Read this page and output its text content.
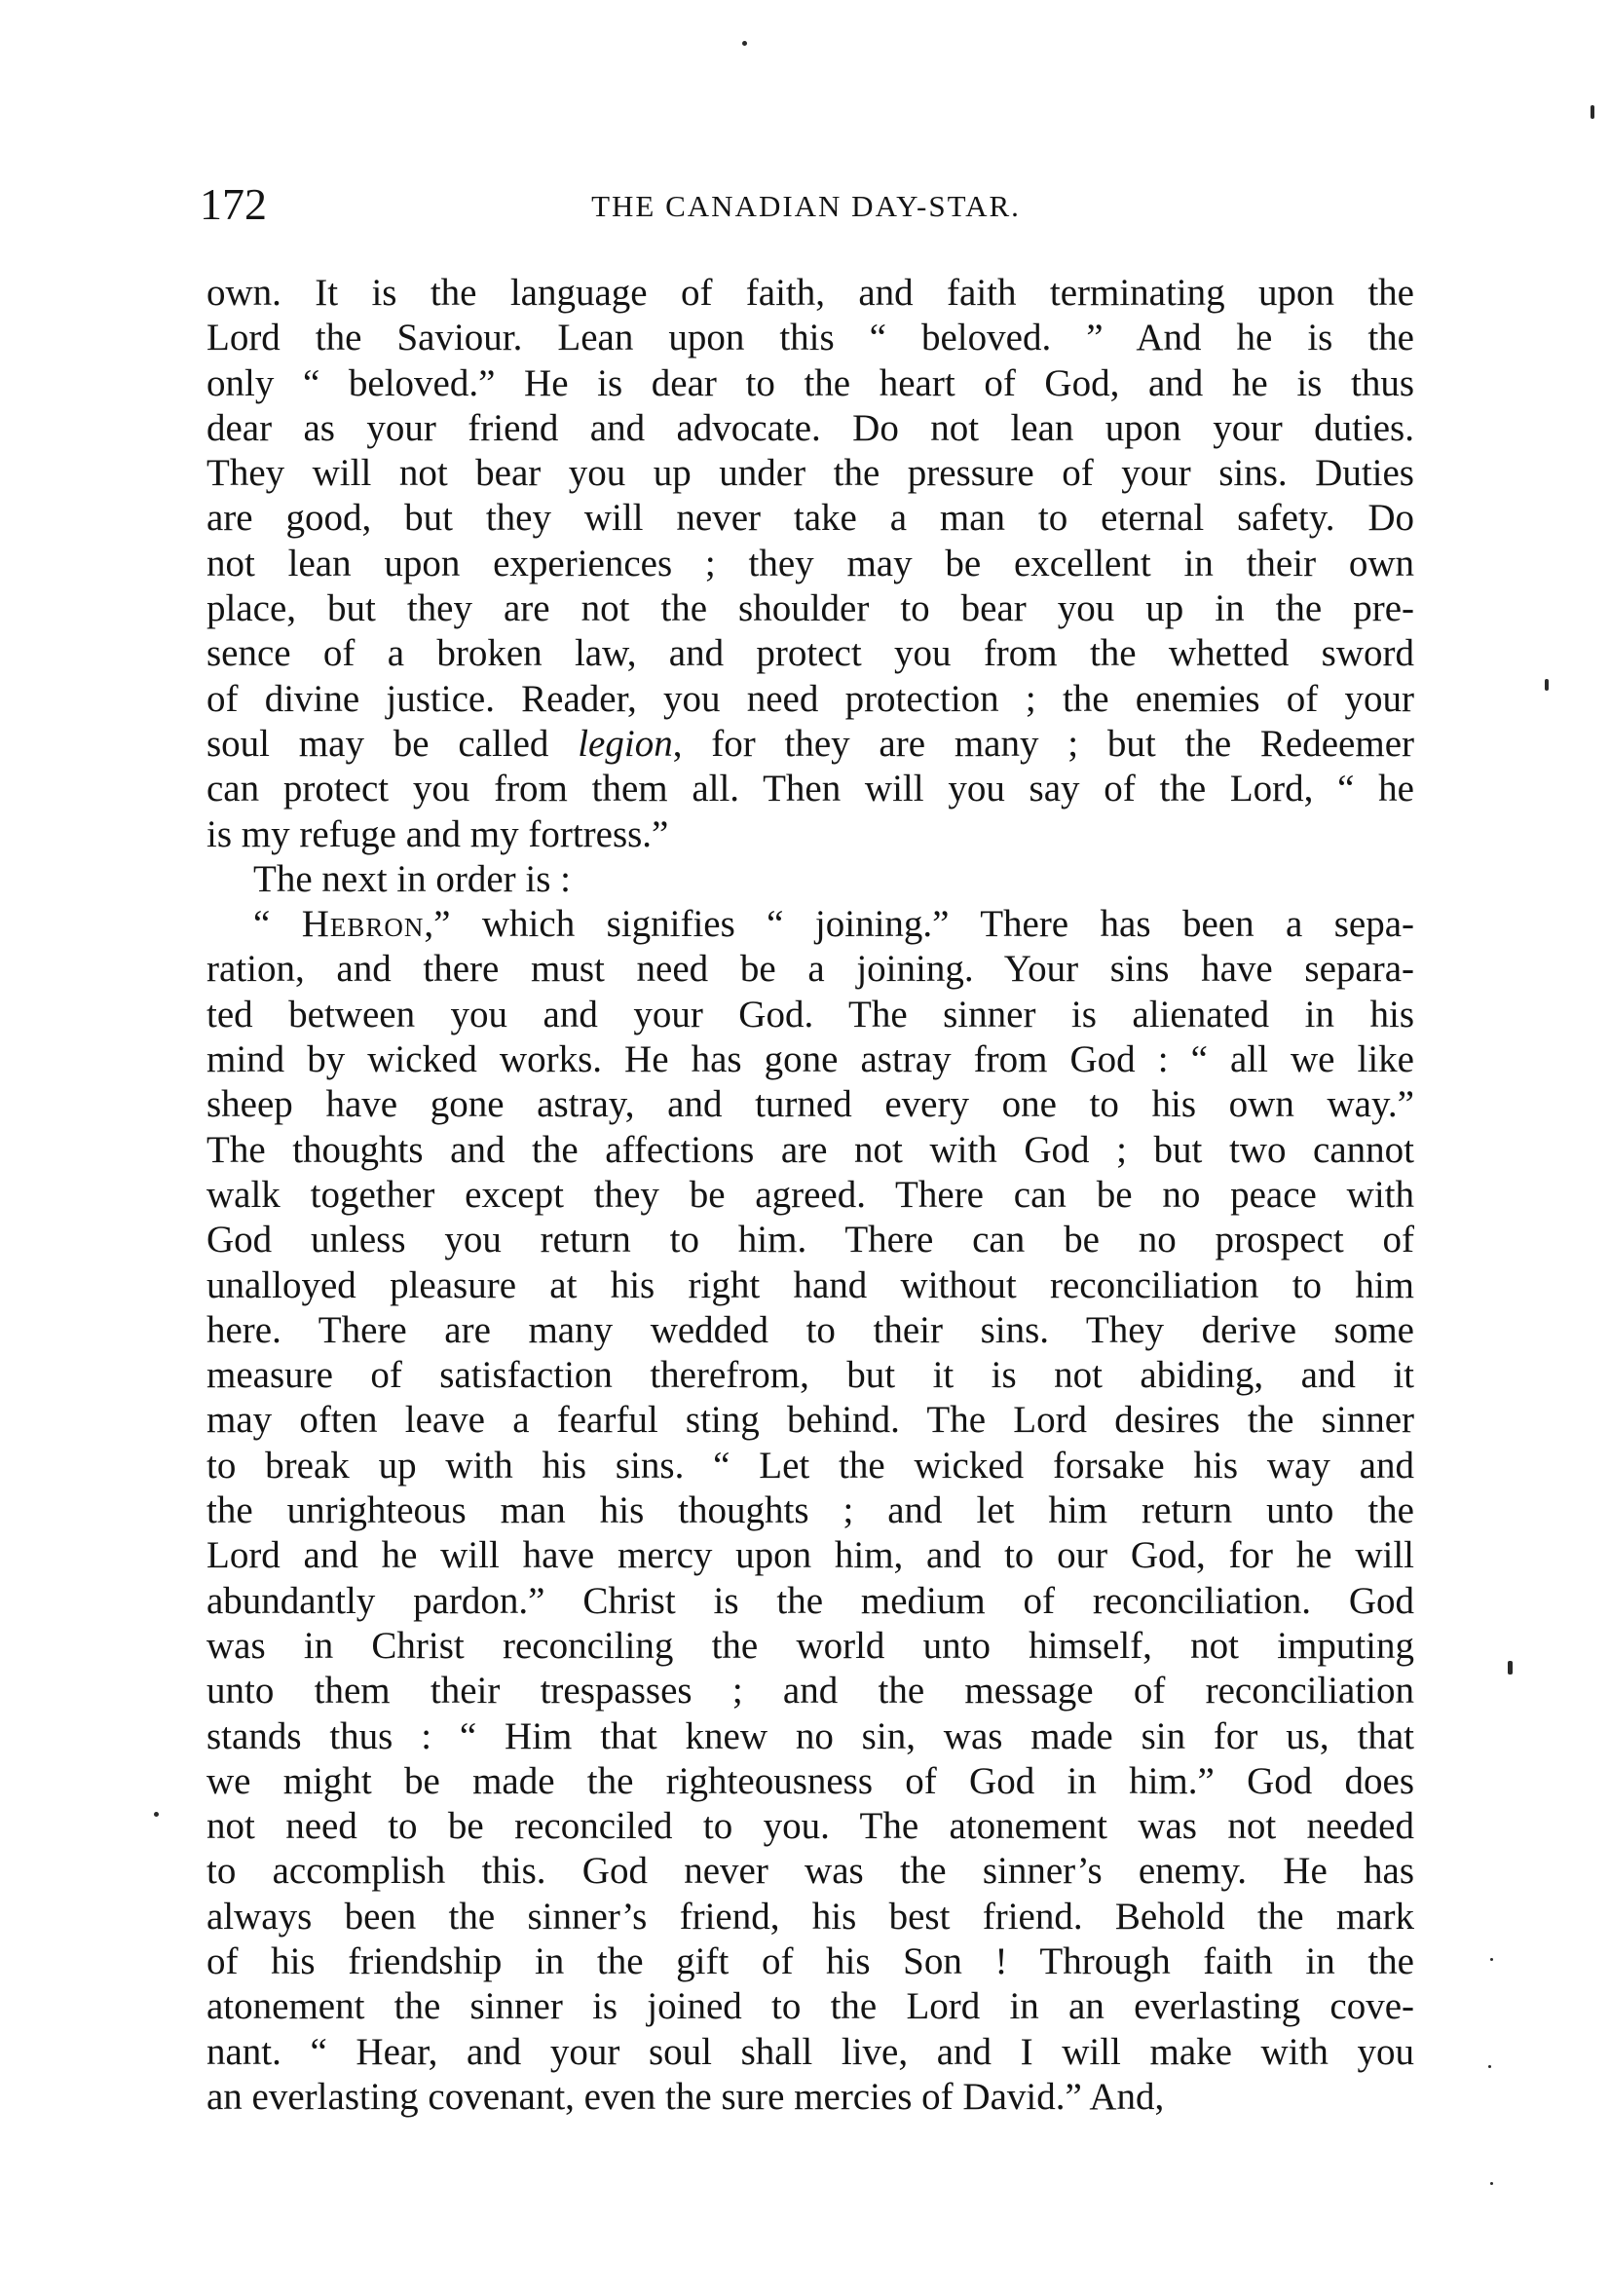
172	THE CANADIAN DAY-STAR.
own. It is the language of faith, and faith terminating upon the
Lord the Saviour. Lean upon this “ beloved. ” And he is the
only “ beloved.” He is dear to the heart of God, and he is thus
dear as your friend and advocate. Do not lean upon your duties.
They will not bear you up under the pressure of your sins. Duties
are good, but they will never take a man to eternal safety. Do
not lean upon experiences ; they may be excellent in their own
place, but they are not the shoulder to bear you up in the pre-
sence of a broken law, and protect you from the whetted sword
of divine justice. Reader, you need protection ; the enemies of your
soul may be called legion, for they are many ; but the Redeemer
can protect you from them all. Then will you say of the Lord, “ he
is my refuge and my fortress.”
The next in order is :
“ Hebron,” which signifies “ joining.” There has been a sepa-
ration, and there must need be a joining. Your sins have separa-
ted between you and your God. The sinner is alienated in his
mind by wicked works. He has gone astray from God : “ all we like
sheep have gone astray, and turned every one to his own way.”
The thoughts and the affections are not with God ; but two cannot
walk together except they be agreed. There can be no peace with
God unless you return to him. There can be no prospect of
unalloyed pleasure at his right hand without reconciliation to him
here. There are many wedded to their sins. They derive some
measure of satisfaction therefrom, but it is not abiding, and it
may often leave a fearful sting behind. The Lord desires the sinner
to break up with his sins. “ Let the wicked forsake his way and
the unrighteous man his thoughts ; and let him return unto the
Lord and he will have mercy upon him, and to our God, for he will
abundantly pardon.” Christ is the medium of reconciliation. God
was in Christ reconciling the world unto himself, not imputing
unto them their trespasses ; and the message of reconciliation
stands thus : “ Him that knew no sin, was made sin for us, that
we might be made the righteousness of God in him.” God does
not need to be reconciled to you. The atonement was not needed
to accomplish this. God never was the sinner’s enemy. He has
always been the sinner’s friend, his best friend. Behold the mark
of his friendship in the gift of his Son ! Through faith in the
atonement the sinner is joined to the Lord in an everlasting cove-
nant. “ Hear, and your soul shall live, and I will make with you
an everlasting covenant, even the sure mercies of David.” And,
